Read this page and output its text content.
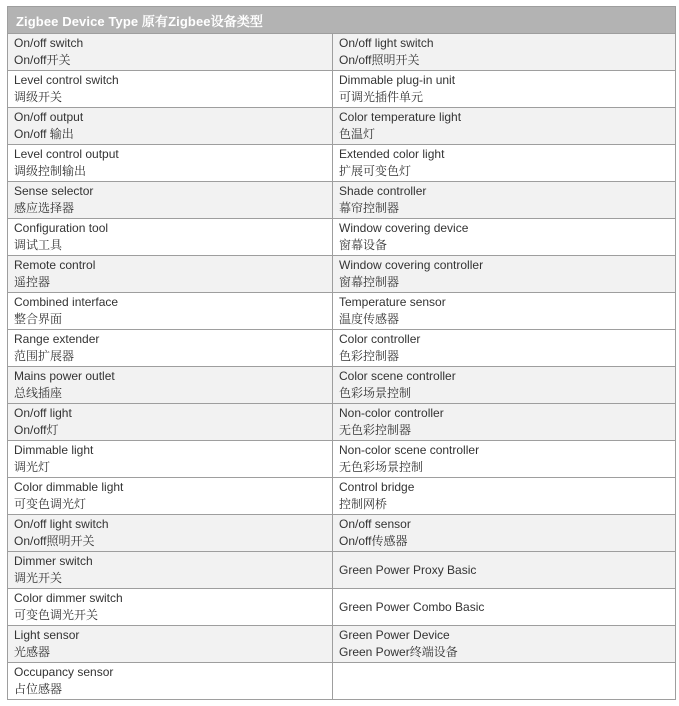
Zigbee Device Type 原有Zigbee设备类型	

On/off switch
On/off开关	On/off light switch
On/off照明开关

Level control switch
调级开关	Dimmable plug-in unit
可调光插件单元

On/off output
On/off 输出	Color temperature light
色温灯

Level control output
调级控制输出	Extended color light
扩展可变色灯

Sense selector
感应选择器	Shade controller
幕帘控制器

Configuration tool
调试工具	Window covering device
窗幕设备

Remote control
遥控器	Window covering controller
窗幕控制器

Combined interface
整合界面	Temperature sensor
温度传感器

Range extender
范围扩展器	Color controller
色彩控制器

Mains power outlet
总线插座	Color scene controller
色彩场景控制

On/off light
On/off灯	Non-color controller
无色彩控制器

Dimmable light
调光灯	Non-color scene controller
无色彩场景控制

Color dimmable light
可变色调光灯	Control bridge
控制网桥

On/off light switch
On/off照明开关	On/off sensor
On/off传感器

Dimmer switch
调光开关	Green Power Proxy Basic

Color dimmer switch
可变色调光开关	Green Power Combo Basic

Light sensor
光感器	Green Power Device
Green Power终端设备

Occupancy sensor
占位感器	
